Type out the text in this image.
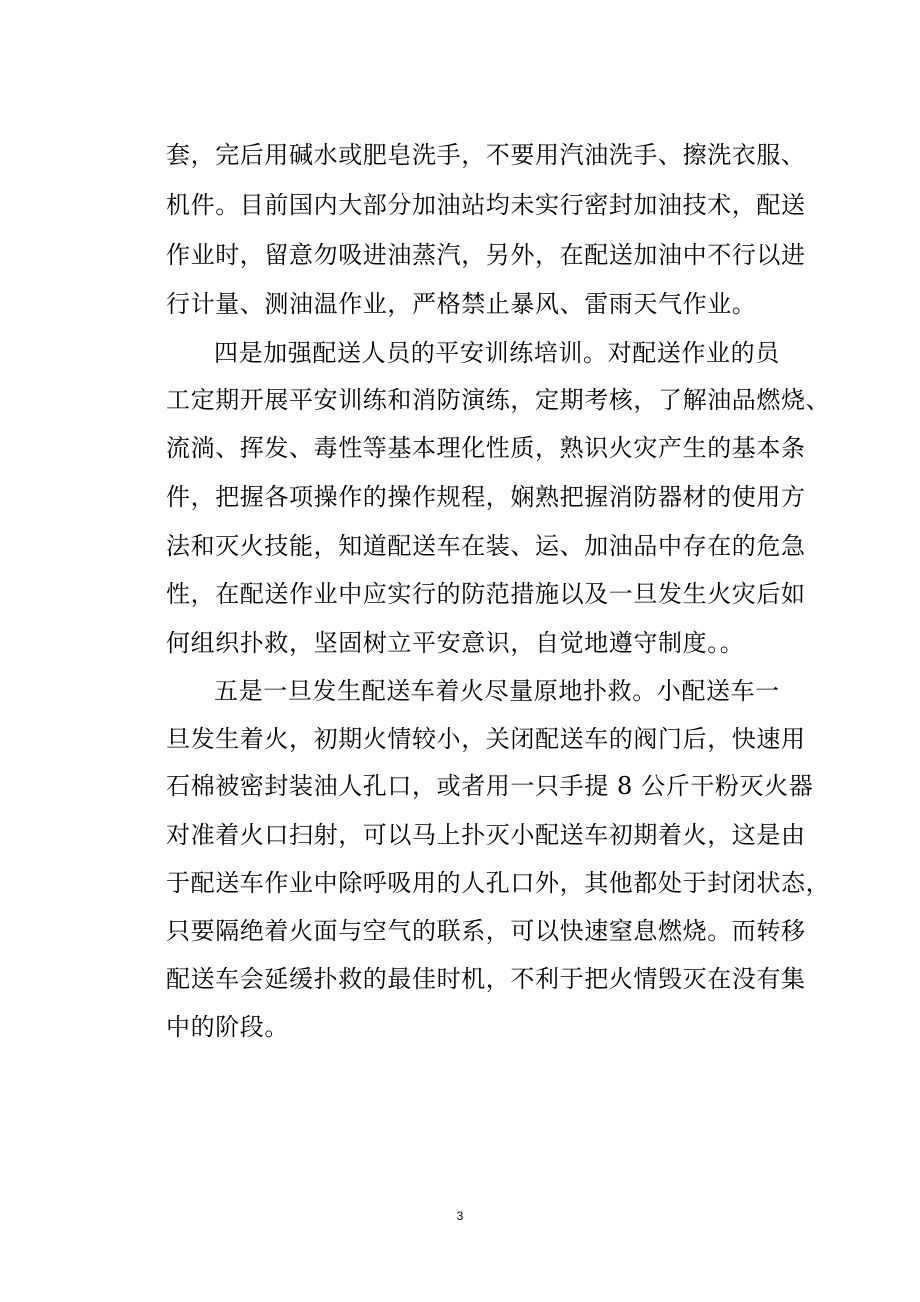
套，完后用碱水或肥皂洗手，不要用汽油洗手、擦洗衣服、
机件。目前国内大部分加油站均未实行密封加油技术，配送
作业时，留意勿吸进油蒸汽，另外，在配送加油中不行以进
行计量、测油温作业，严格禁止暴风、雷雨天气作业。
四是加强配送人员的平安训练培训。对配送作业的员
工定期开展平安训练和消防演练，定期考核，了解油品燃烧、
流淌、挥发、毒性等基本理化性质，熟识火灾产生的基本条
件，把握各项操作的操作规程，娴熟把握消防器材的使用方
法和灭火技能，知道配送车在装、运、加油品中存在的危急
性，在配送作业中应实行的防范措施以及一旦发生火灾后如
何组织扑救，坚固树立平安意识，自觉地遵守制度。。
五是一旦发生配送车着火尽量原地扑救。小配送车一
旦发生着火，初期火情较小，关闭配送车的阀门后，快速用
石棉被密封装油人孔口，或者用一只手提 8 公斤干粉灭火器
对准着火口扫射，可以马上扑灭小配送车初期着火，这是由
于配送车作业中除呼吸用的人孔口外，其他都处于封闭状态，
只要隔绝着火面与空气的联系，可以快速窒息燃烧。而转移
配送车会延缓扑救的最佳时机，不利于把火情毁灭在没有集
中的阶段。
3
